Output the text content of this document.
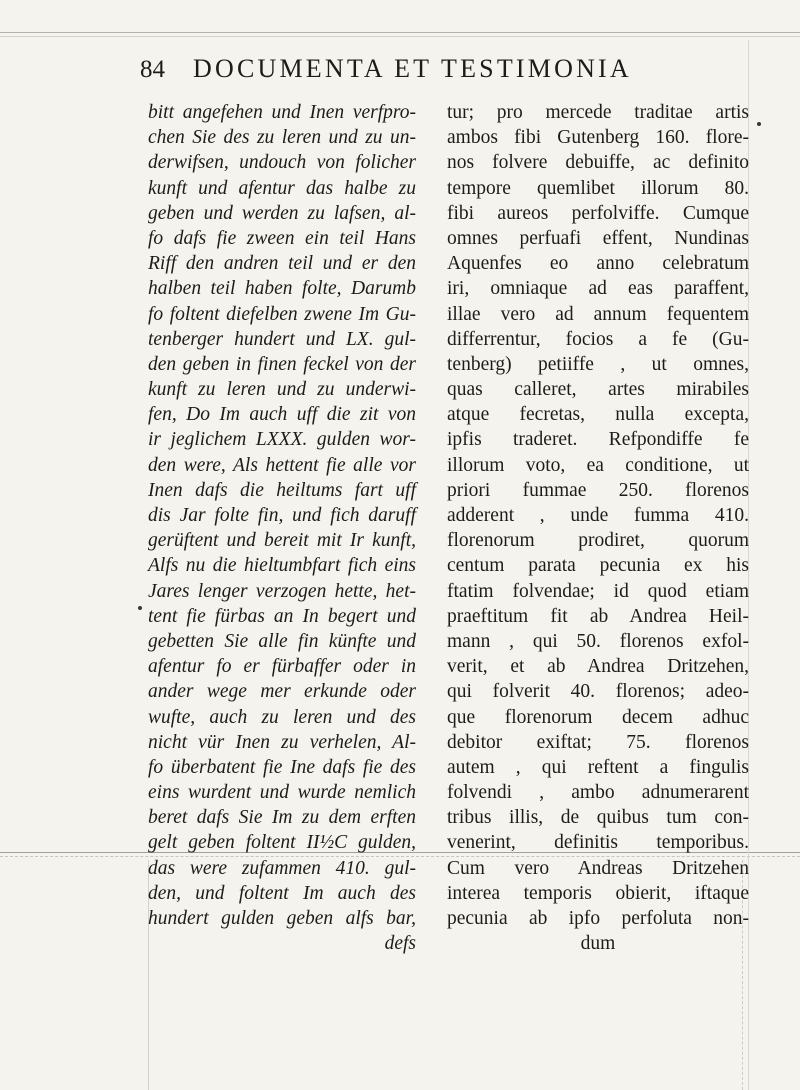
84 DOCUMENTA ET TESTIMONIA
bitt angefehen und Inen verfpro-
chen Sie des zu leren und zu un-
derwifsen, undouch von folicher
kunft und afentur das halbe zu
geben und werden zu lafsen, al-
fo dafs fie zween ein teil Hans
Riff den andren teil und er den
halben teil haben folte, Darumb
fo foltent diefelben zwene Im Gu-
tenberger hundert und LX. gul-
den geben in finen feckel von der
kunft zu leren und zu underwi-
fen, Do Im auch uff die zit von
ir jeglichem LXXX. gulden wor-
den were, Als hettent fie alle vor
Inen dafs die heiltums fart uff
dis Jar folte fin, und fich daruff
gerüftent und bereit mit Ir kunft,
Alfs nu die hieltumbfart fich eins
Jares lenger verzogen hette, het-
tent fie fürbas an In begert und
gebetten Sie alle fin künfte und
afentur fo er fürbaffer oder in
ander wege mer erkunde oder
wufte, auch zu leren und des
nicht vür Inen zu verhelen, Al-
fo überbatent fie Ine dafs fie des
eins wurdent und wurde nemlich
beret dafs Sie Im zu dem erften
gelt geben foltent II½C gulden,
das were zufammen 410. gul-
den, und foltent Im auch des
hundert gulden geben alfs bar,
defs
tur; pro mercede traditae artis
ambos fibi Gutenberg 160. flore-
nos folvere debuiffe, ac definito
tempore quemlibet illorum 80.
fibi aureos perfolviffe. Cumque
omnes perfuafi effent, Nundinas
Aquenfes eo anno celebratum
iri, omniaque ad eas paraffent,
illae vero ad annum fequentem
differrentur, focios a fe (Gu-
tenberg) petiiffe , ut omnes,
quas calleret, artes mirabiles
atque fecretas, nulla excepta,
ipfis traderet. Refpondiffe fe
illorum voto, ea conditione, ut
priori fummae 250. florenos
adderent , unde fumma 410.
florenorum prodiret, quorum
centum parata pecunia ex his
ftatim folvendae; id quod etiam
praeftitum fit ab Andrea Heil-
mann , qui 50. florenos exfol-
verit, et ab Andrea Dritzehen,
qui folverit 40. florenos; adeo-
que florenorum decem adhuc
debitor exiftat; 75. florenos
autem , qui reftent a fingulis
folvendi , ambo adnumerarent
tribus illis, de quibus tum con-
venerint, definitis temporibus.
Cum vero Andreas Dritzehen
interea temporis obierit, iftaque
pecunia ab ipfo perfoluta non-
dum
